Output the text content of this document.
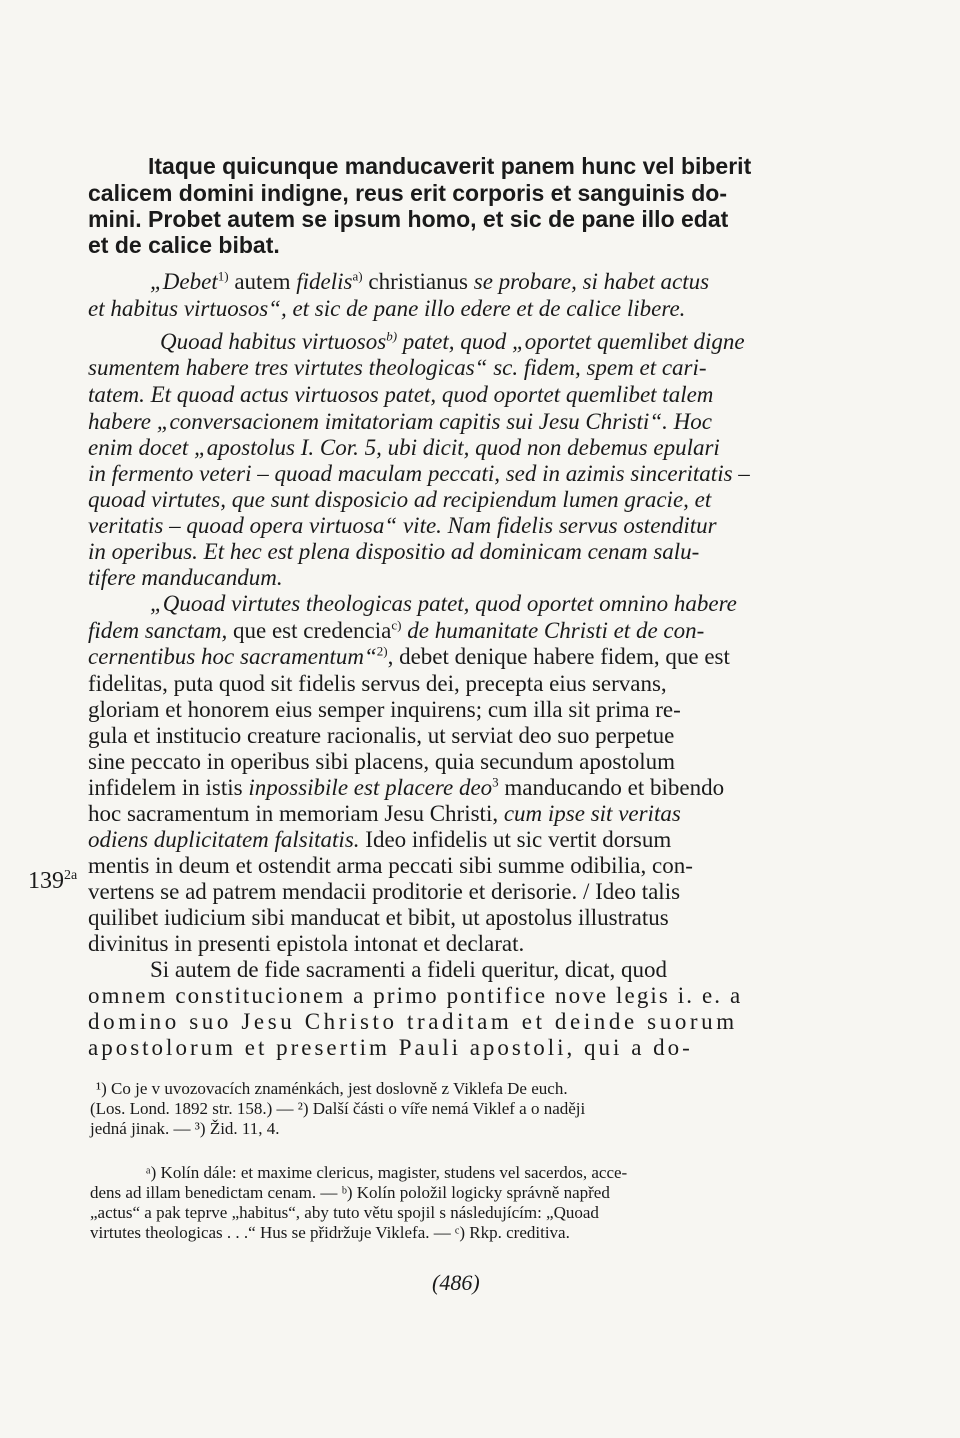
Itaque quicunque manducaverit panem hunc vel biberit

calicem domini indigne, reus erit corporis et sanguinis do-

mini. Probet autem se ipsum homo, et sic de pane illo edat

et de calice bibat.

„Debet$^{1)}$ autem fidelis$^{a)}$ christianus se probare, si habet actus

et habitus virtuosos“, et sic de pane illo edere et de calice libere.

Quoad habitus virtuosos$^{b)}$ patet, quod „oportet quemlibet digne

sumentem habere tres virtutes theologicas“ sc. fidem, spem et cari-

tatem. Et quoad actus virtuosos patet, quod oportet quemlibet talem

habere „conversacionem imitatoriam capitis sui Jesu Christi“. Hoc

enim docet „apostolus I. Cor. 5, ubi dicit, quod non debemus epulari

in fermento veteri – quoad maculam peccati, sed in azimis sinceritatis –

quoad virtutes, que sunt disposicio ad recipiendum lumen gracie, et

veritatis – quoad opera virtuosa“ vite. Nam fidelis servus ostenditur

in operibus. Et hec est plena dispositio ad dominicam cenam salu-

tifere manducandum.

„Quoad virtutes theologicas patet, quod oportet omnino habere

fidem sanctam, que est credencia$^{c)}$ de humanitate Christi et de con-

cernentibus hoc sacramentum“$^{2)}$, debet denique habere fidem, que est

fidelitas, puta quod sit fidelis servus dei, precepta eius servans,

gloriam et honorem eius semper inquirens; cum illa sit prima re-

gula et institucio creature racionalis, ut serviat deo suo perpetue

sine peccato in operibus sibi placens, quia secundum apostolum

infidelem in istis inpossibile est placere deo$^3$ manducando et bibendo

hoc sacramentum in memoriam Jesu Christi, cum ipse sit veritas

odiens duplicitatem falsitatis. Ideo infidelis ut sic vertit dorsum

mentis in deum et ostendit arma peccati sibi summe odibilia, con-

vertens se ad patrem mendacii proditorie et derisorie. / Ideo talis

quilibet iudicium sibi manducat et bibit, ut apostolus illustratus

divinitus in presenti epistola intonat et declarat.

$139^{2a}$

Si autem de fide sacramenti a fideli queritur, dicat, quod

omnem constitucionem a primo pontifice nove legis i. e. a

domino suo Jesu Christo traditam et deinde suorum

apostolorum et presertim Pauli apostoli, qui a do-

¹) Co je v uvozovacích znaménkách, jest doslovně z Viklefa De euch.

(Los. Lond. 1892 str. 158.) — ²) Další části o víře nemá Viklef a o naději

jedná jinak. — ³) Žid. 11, 4.

ᵃ) Kolín dále: et maxime clericus, magister, studens vel sacerdos, acce-

dens ad illam benedictam cenam. — ᵇ) Kolín položil logicky správně napřed

„actus“ a pak teprve „habitus“, aby tuto větu spojil s následujícím: „Quoad

virtutes theologicas . . .“ Hus se přidržuje Viklefa. — ᶜ) Rkp. creditiva.

(486)
